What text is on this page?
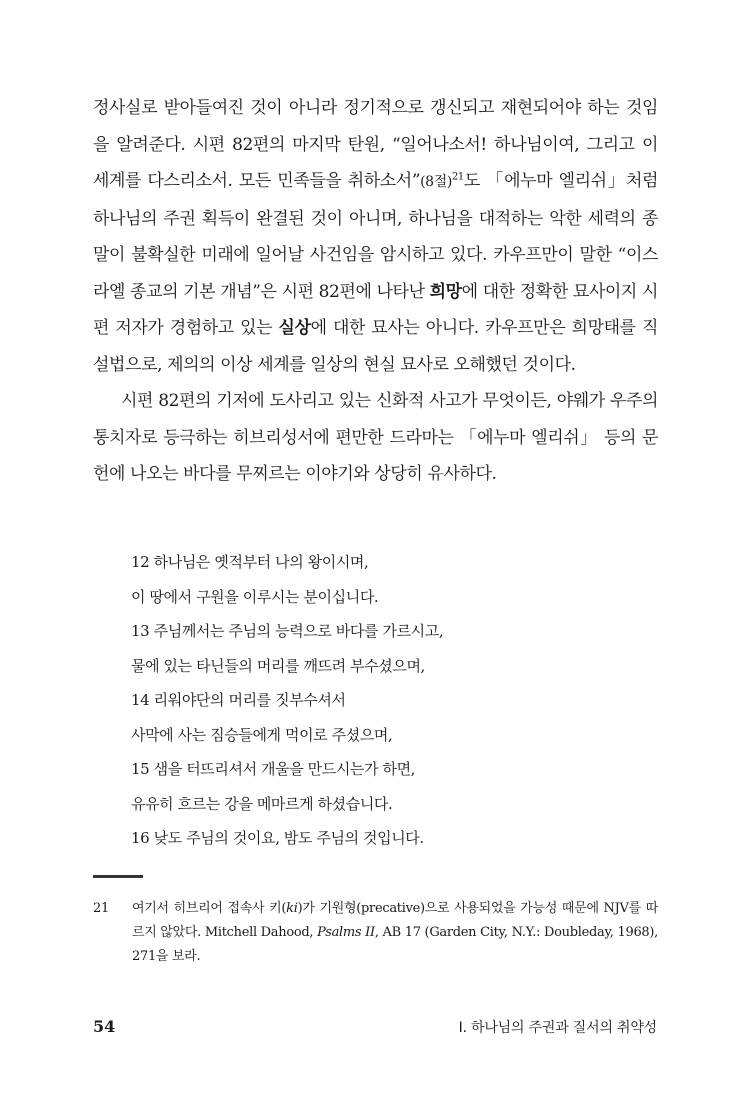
정사실로 받아들여진 것이 아니라 정기적으로 갱신되고 재현되어야 하는 것임을 알려준다. 시편 82편의 마지막 탄원, “일어나소서! 하나님이여, 그리고 이 세계를 다스리소서. 모든 민족들을 취하소서”(8절)$^{21}$도 「에누마 엘리쉬」처럼 하나님의 주권 획득이 완결된 것이 아니며, 하나님을 대적하는 악한 세력의 종말이 불확실한 미래에 일어날 사건임을 암시하고 있다. 카우프만이 말한 “이스라엘 종교의 기본 개념”은 시편 82편에 나타난 희망에 대한 정확한 묘사이지 시편 저자가 경험하고 있는 실상에 대한 묘사는 아니다. 카우프만은 희망태를 직설법으로, 제의의 이상 세계를 일상의 현실 묘사로 오해했던 것이다.

시편 82편의 기저에 도사리고 있는 신화적 사고가 무엇이든, 야웨가 우주의 통치자로 등극하는 히브리성서에 편만한 드라마는 「에누마 엘리쉬」 등의 문헌에 나오는 바다를 무찌르는 이야기와 상당히 유사하다.

12 하나님은 옛적부터 나의 왕이시며,
이 땅에서 구원을 이루시는 분이십니다.
13 주님께서는 주님의 능력으로 바다를 가르시고,
물에 있는 타닌들의 머리를 깨뜨려 부수셨으며,
14 리워야단의 머리를 짓부수셔서
사막에 사는 짐승들에게 먹이로 주셨으며,
15 샘을 터뜨리셔서 개울을 만드시는가 하면,
유유히 흐르는 강을 메마르게 하셨습니다.
16 낮도 주님의 것이요, 밤도 주님의 것입니다.
21 여기서 히브리어 접속사 키(ki)가 기원형(precative)으로 사용되었을 가능성 때문에 NJV를 따르지 않았다. Mitchell Dahood, Psalms II, AB 17 (Garden City, N.Y.: Doubleday, 1968), 271을 보라.
54	I. 하나님의 주권과 질서의 취약성
